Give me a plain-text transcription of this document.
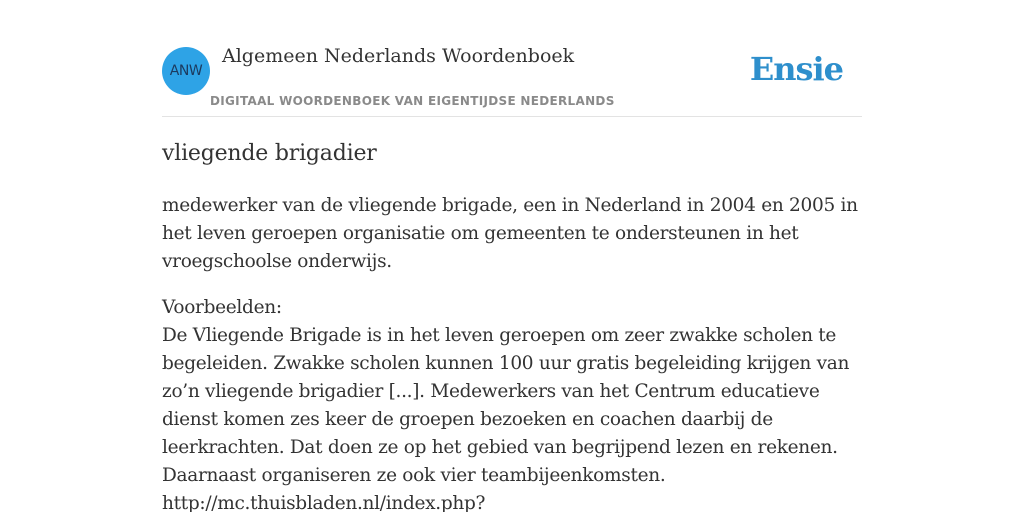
ANW
Algemeen Nederlands Woordenboek
DIGITAAL WOORDENBOEK VAN EIGENTIJDSE NEDERLANDS
Ensie
vliegende brigadier

medewerker van de vliegende brigade, een in Nederland in 2004 en 2005 in het leven geroepen organisatie om gemeenten te ondersteunen in het vroegschoolse onderwijs.

Voorbeelden:
De Vliegende Brigade is in het leven geroepen om zeer zwakke scholen te begeleiden. Zwakke scholen kunnen 100 uur gratis begeleiding krijgen van zo’n vliegende brigadier [...]. Medewerkers van het Centrum educatieve dienst komen zes keer de groepen bezoeken en coachen daarbij de leerkrachten. Dat doen ze op het gebied van begrijpend lezen en rekenen. Daarnaast organiseren ze ook vier teambijeenkomsten.
http://mc.thuisbladen.nl/index.php?
